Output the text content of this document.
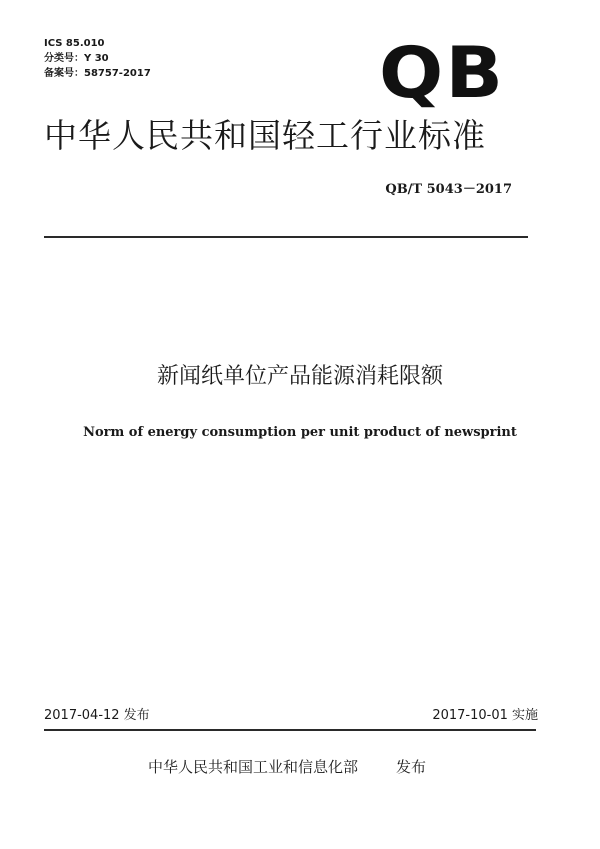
ICS 85.010
分类号：Y 30
备案号：58757-2017	QB
中华人民共和国轻工行业标准
QB/T 5043－2017
新闻纸单位产品能源消耗限额
Norm of energy consumption per unit product of newsprint
2017-04-12 发布	2017-10-01 实施
中华人民共和国工业和信息化部	发布
